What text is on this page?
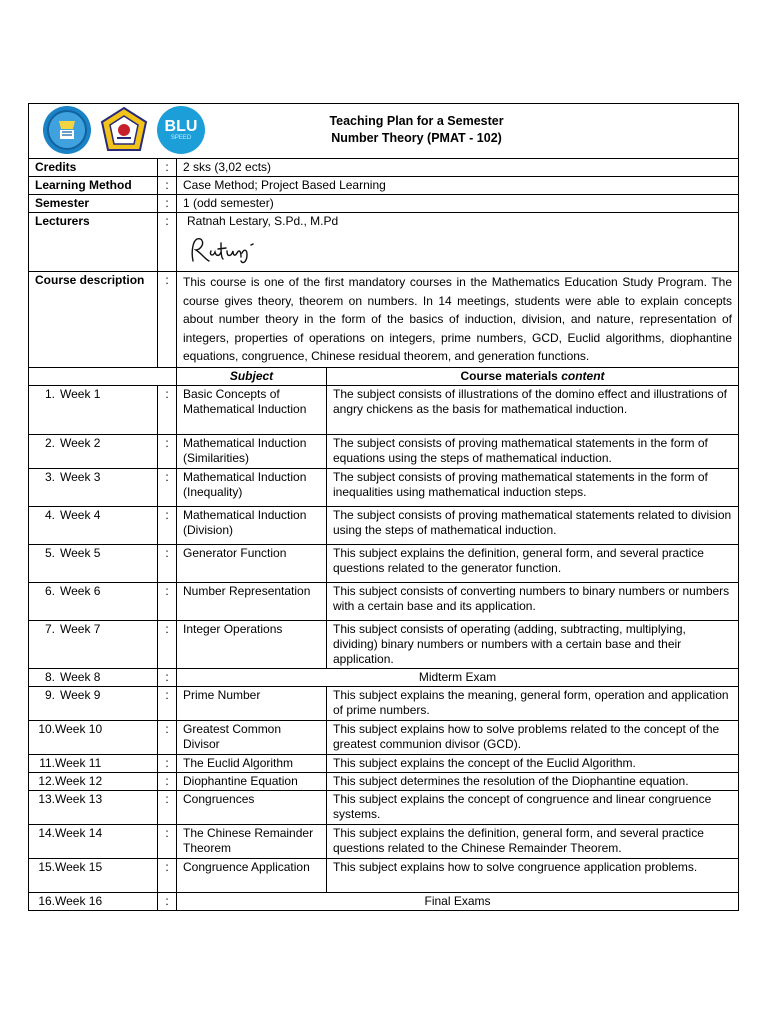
BLU
SPEED
Teaching Plan for a Semester
Number Theory (PMAT - 102)			

Credits	:	2 sks (3,02 ects)	
Learning Method	:	Case Method; Project Based Learning	
Semester	:	1 (odd semester)	
Lecturers	:	Ratnah Lestary, S.Pd., M.Pd	

Course description	:	This course is one of the first mandatory courses in the Mathematics Education Study Program. The course gives theory, theorem on numbers. In 14 meetings, students were able to explain concepts about number theory in the form of the basics of induction, division, and nature, representation of integers, properties of operations on integers, prime numbers, GCD, Euclid algorithms, diophantine equations, congruence, Chinese residual theorem, and generation functions.	
		Subject	Course materials content
1. Week 1	:	Basic Concepts of Mathematical Induction	The subject consists of illustrations of the domino effect and illustrations of angry chickens as the basis for mathematical induction.
2. Week 2	:	Mathematical Induction (Similarities)	The subject consists of proving mathematical statements in the form of equations using the steps of mathematical induction.
3. Week 3	:	Mathematical Induction (Inequality)	The subject consists of proving mathematical statements in the form of inequalities using mathematical induction steps.
4. Week 4	:	Mathematical Induction (Division)	The subject consists of proving mathematical statements related to division using the steps of mathematical induction.
5. Week 5	:	Generator Function	This subject explains the definition, general form, and several practice questions related to the generator function.
6. Week 6	:	Number Representation	This subject consists of converting numbers to binary numbers or numbers with a certain base and its application.
7. Week 7	:	Integer Operations	This subject consists of operating (adding, subtracting, multiplying, dividing) binary numbers or numbers with a certain base and their application.
8. Week 8	:	Midterm Exam	
9. Week 9	:	Prime Number	This subject explains the meaning, general form, operation and application of prime numbers.
10.Week 10	:	Greatest Common Divisor	This subject explains how to solve problems related to the concept of the greatest communion divisor (GCD).
11.Week 11	:	The Euclid Algorithm	This subject explains the concept of the Euclid Algorithm.
12.Week 12	:	Diophantine Equation	This subject determines the resolution of the Diophantine equation.
13.Week 13	:	Congruences	This subject explains the concept of congruence and linear congruence systems.
14.Week 14	:	The Chinese Remainder Theorem	This subject explains the definition, general form, and several practice questions related to the Chinese Remainder Theorem.
15.Week 15	:	Congruence Application	This subject explains how to solve congruence application problems.
16.Week 16	:	Final Exams	
